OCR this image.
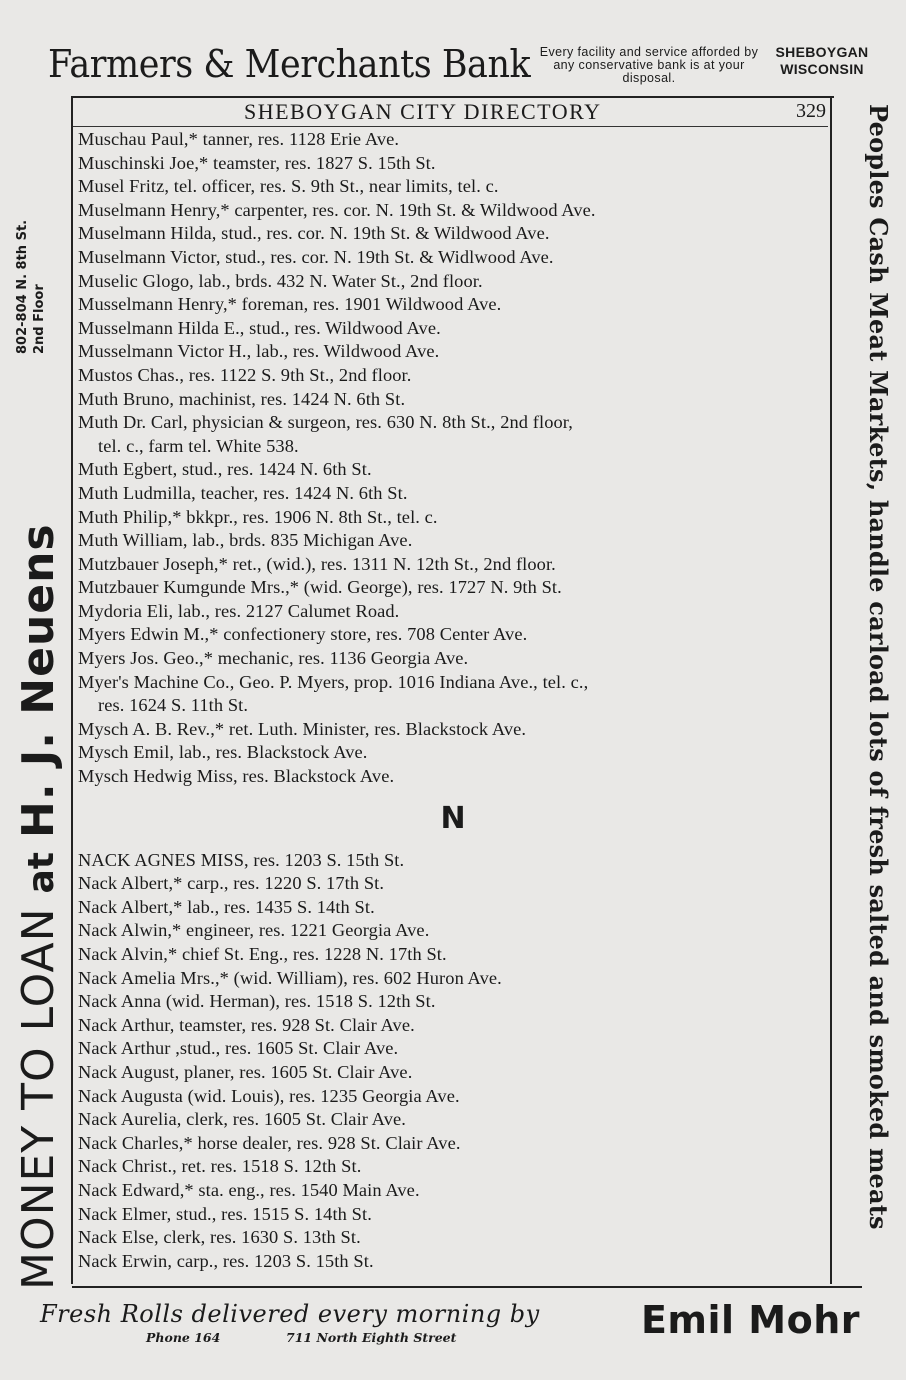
Farmers & Merchants Bank Every facility and service afforded by any conservative bank is at your disposal.
SHEBOYGAN
WISCONSIN
SHEBOYGAN CITY DIRECTORY	329
MONEY TO LOAN at H. J. Neuens
802-804 N. 8th St. 2nd Floor	Peoples Cash Meat Markets, handle carload lots of fresh salted and smoked meats
Muschau Paul,* tanner, res. 1128 Erie Ave.
Muschinski Joe,* teamster, res. 1827 S. 15th St.
Musel Fritz, tel. officer, res. S. 9th St., near limits, tel. c.
Muselmann Henry,* carpenter, res. cor. N. 19th St. & Wildwood Ave.
Muselmann Hilda, stud., res. cor. N. 19th St. & Wildwood Ave.
Muselmann Victor, stud., res. cor. N. 19th St. & Widlwood Ave.
Muselic Glogo, lab., brds. 432 N. Water St., 2nd floor.
Musselmann Henry,* foreman, res. 1901 Wildwood Ave.
Musselmann Hilda E., stud., res. Wildwood Ave.
Musselmann Victor H., lab., res. Wildwood Ave.
Mustos Chas., res. 1122 S. 9th St., 2nd floor.
Muth Bruno, machinist, res. 1424 N. 6th St.
Muth Dr. Carl, physician & surgeon, res. 630 N. 8th St., 2nd floor,
tel. c., farm tel. White 538.
Muth Egbert, stud., res. 1424 N. 6th St.
Muth Ludmilla, teacher, res. 1424 N. 6th St.
Muth Philip,* bkkpr., res. 1906 N. 8th St., tel. c.
Muth William, lab., brds. 835 Michigan Ave.
Mutzbauer Joseph,* ret., (wid.), res. 1311 N. 12th St., 2nd floor.
Mutzbauer Kumgunde Mrs.,* (wid. George), res. 1727 N. 9th St.
Mydoria Eli, lab., res. 2127 Calumet Road.
Myers Edwin M.,* confectionery store, res. 708 Center Ave.
Myers Jos. Geo.,* mechanic, res. 1136 Georgia Ave.
Myer's Machine Co., Geo. P. Myers, prop. 1016 Indiana Ave., tel. c.,
res. 1624 S. 11th St.
Mysch A. B. Rev.,* ret. Luth. Minister, res. Blackstock Ave.
Mysch Emil, lab., res. Blackstock Ave.
Mysch Hedwig Miss, res. Blackstock Ave.
N
NACK AGNES MISS, res. 1203 S. 15th St.
Nack Albert,* carp., res. 1220 S. 17th St.
Nack Albert,* lab., res. 1435 S. 14th St.
Nack Alwin,* engineer, res. 1221 Georgia Ave.
Nack Alvin,* chief St. Eng., res. 1228 N. 17th St.
Nack Amelia Mrs.,* (wid. William), res. 602 Huron Ave.
Nack Anna (wid. Herman), res. 1518 S. 12th St.
Nack Arthur, teamster, res. 928 St. Clair Ave.
Nack Arthur ,stud., res. 1605 St. Clair Ave.
Nack August, planer, res. 1605 St. Clair Ave.
Nack Augusta (wid. Louis), res. 1235 Georgia Ave.
Nack Aurelia, clerk, res. 1605 St. Clair Ave.
Nack Charles,* horse dealer, res. 928 St. Clair Ave.
Nack Christ., ret. res. 1518 S. 12th St.
Nack Edward,* sta. eng., res. 1540 Main Ave.
Nack Elmer, stud., res. 1515 S. 14th St.
Nack Else, clerk, res. 1630 S. 13th St.
Nack Erwin, carp., res. 1203 S. 15th St.
Fresh Rolls delivered every morning by
Phone 164	711 North Eighth Street	Emil Mohr
